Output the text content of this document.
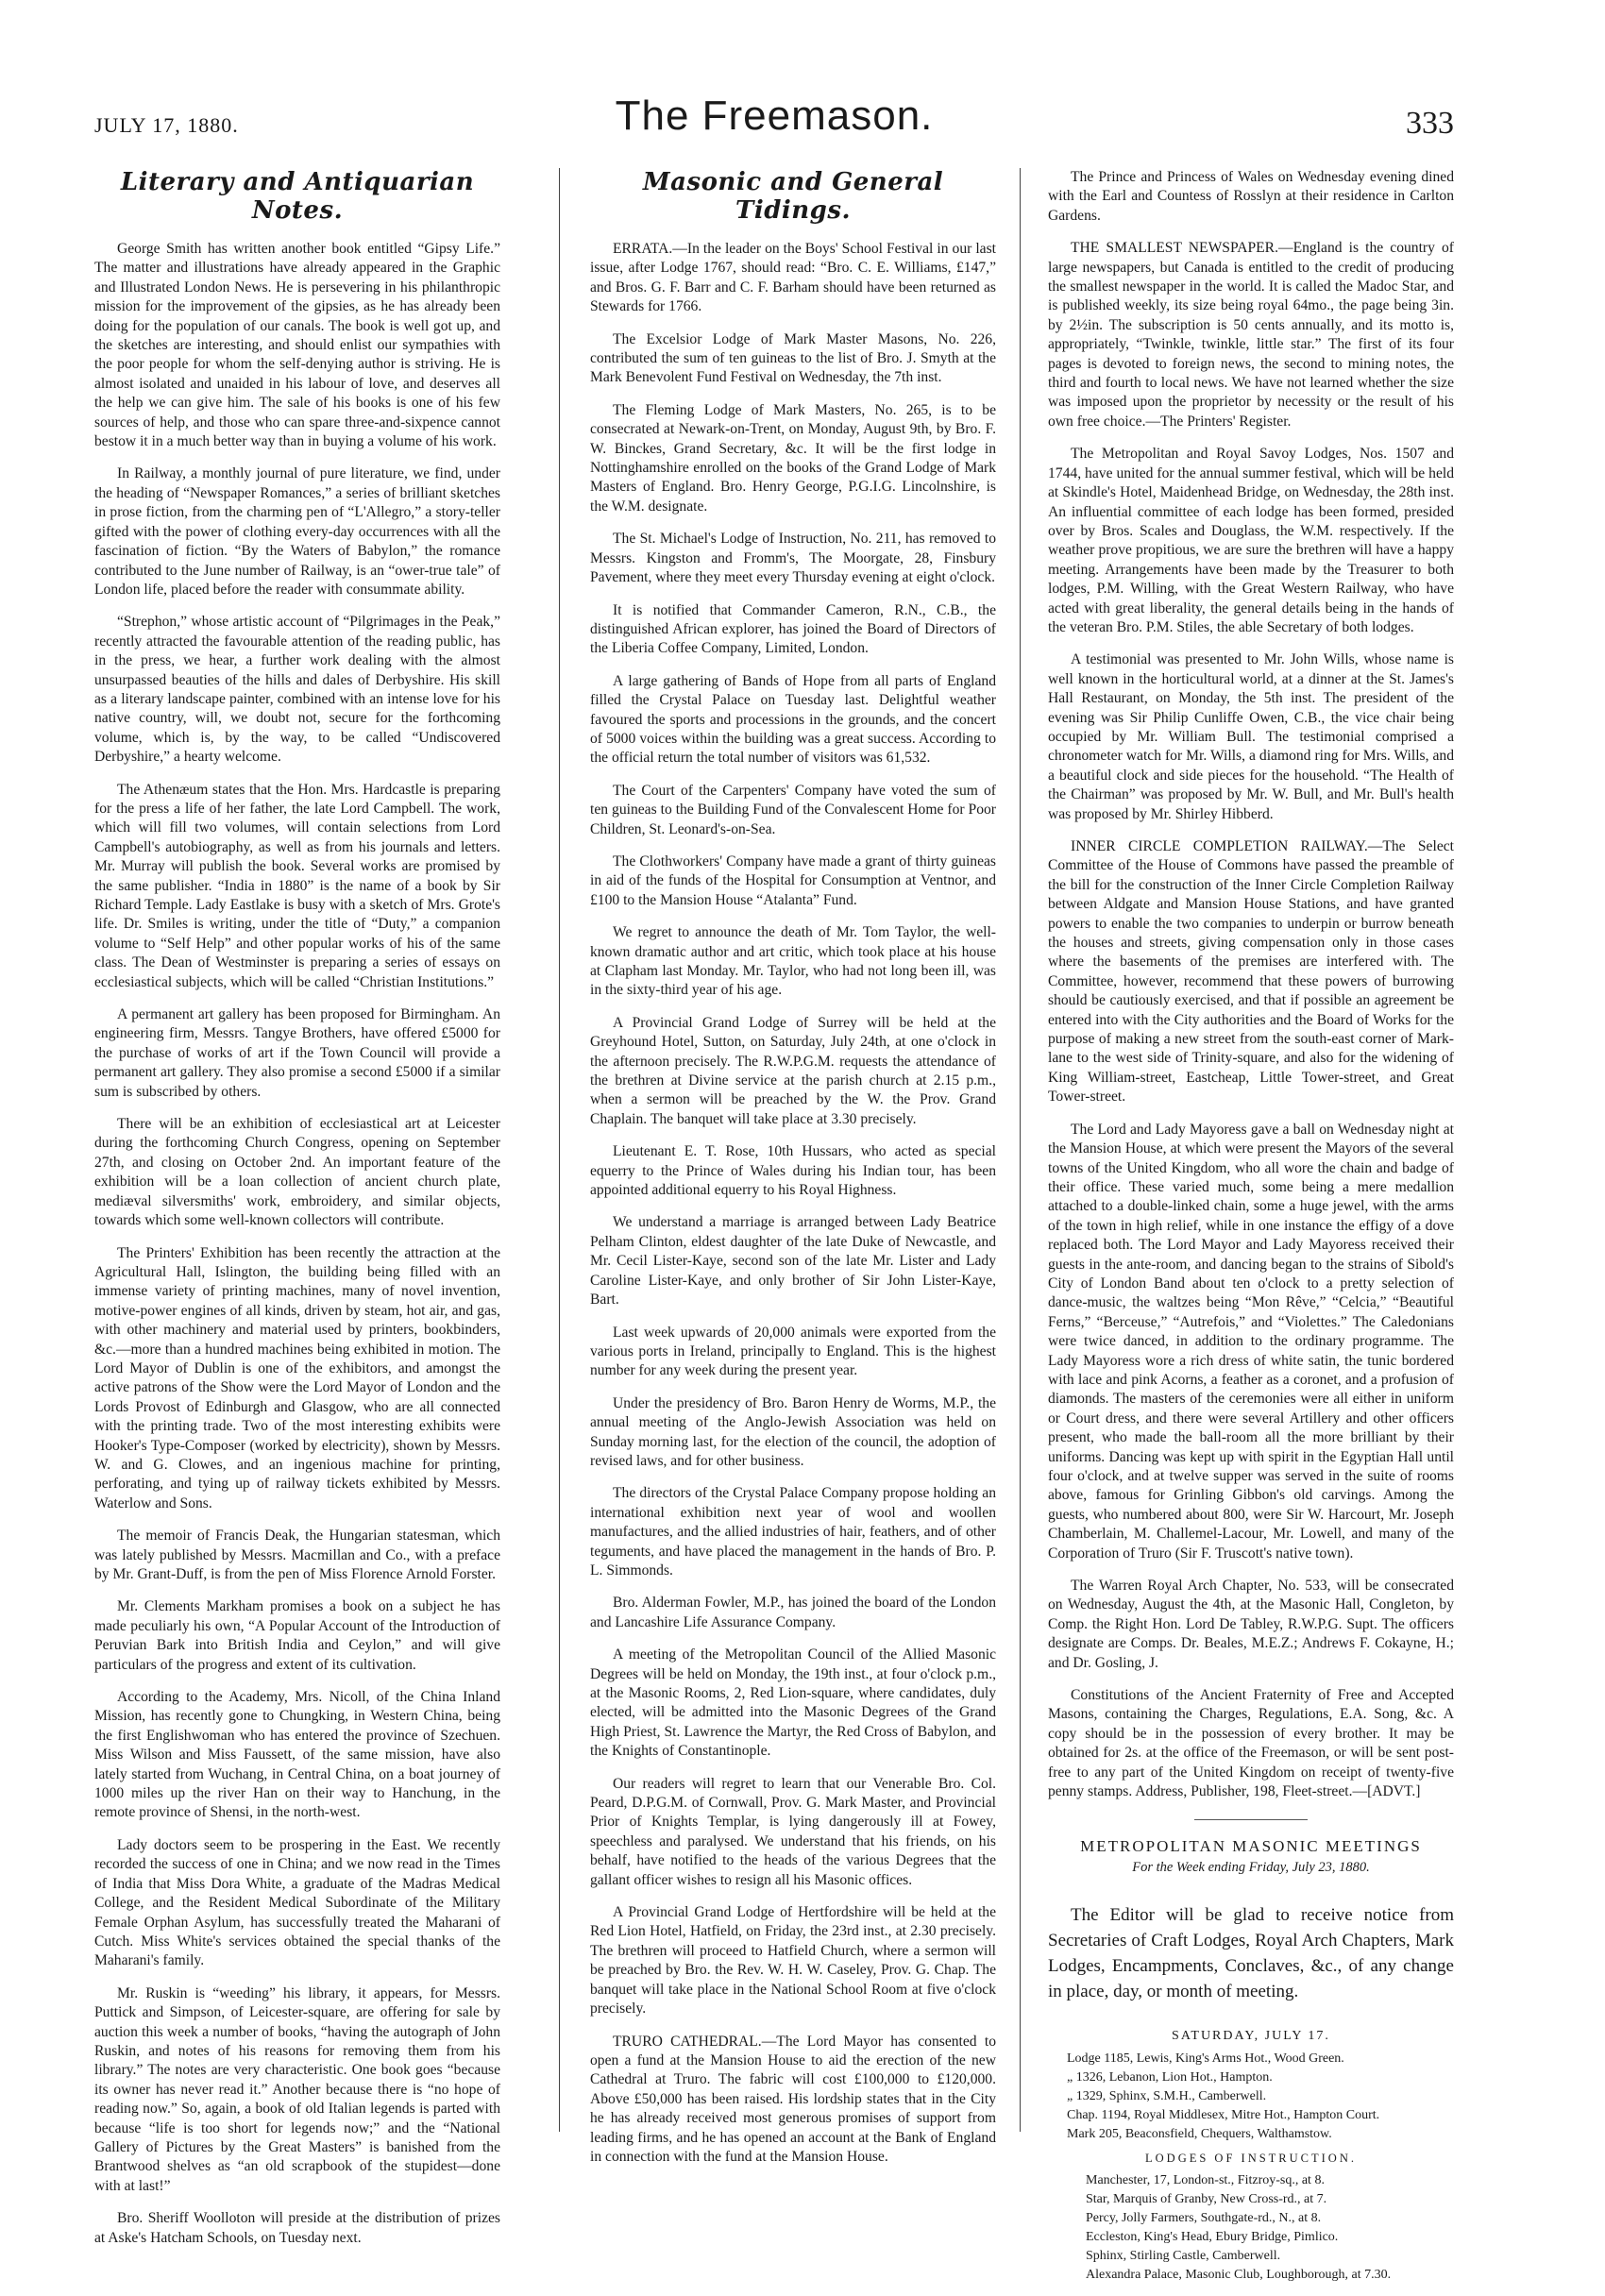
JULY 17, 1880.	The Freemason.	333
Literary and Antiquarian Notes.

George Smith has written another book entitled “Gipsy Life.” The matter and illustrations have already appeared in the Graphic and Illustrated London News. He is persevering in his philanthropic mission for the improvement of the gipsies, as he has already been doing for the population of our canals. The book is well got up, and the sketches are interesting, and should enlist our sympathies with the poor people for whom the self-denying author is striving. He is almost isolated and unaided in his labour of love, and deserves all the help we can give him. The sale of his books is one of his few sources of help, and those who can spare three-and-sixpence cannot bestow it in a much better way than in buying a volume of his work.

In Railway, a monthly journal of pure literature, we find, under the heading of “Newspaper Romances,” a series of brilliant sketches in prose fiction, from the charming pen of “L'Allegro,” a story-teller gifted with the power of clothing every-day occurrences with all the fascination of fiction. “By the Waters of Babylon,” the romance contributed to the June number of Railway, is an “ower-true tale” of London life, placed before the reader with consummate ability.

“Strephon,” whose artistic account of “Pilgrimages in the Peak,” recently attracted the favourable attention of the reading public, has in the press, we hear, a further work dealing with the almost unsurpassed beauties of the hills and dales of Derbyshire. His skill as a literary landscape painter, combined with an intense love for his native country, will, we doubt not, secure for the forthcoming volume, which is, by the way, to be called “Undiscovered Derbyshire,” a hearty welcome.

The Athenæum states that the Hon. Mrs. Hardcastle is preparing for the press a life of her father, the late Lord Campbell. The work, which will fill two volumes, will contain selections from Lord Campbell's autobiography, as well as from his journals and letters. Mr. Murray will publish the book. Several works are promised by the same publisher. “India in 1880” is the name of a book by Sir Richard Temple. Lady Eastlake is busy with a sketch of Mrs. Grote's life. Dr. Smiles is writing, under the title of “Duty,” a companion volume to “Self Help” and other popular works of his of the same class. The Dean of Westminster is preparing a series of essays on ecclesiastical subjects, which will be called “Christian Institutions.”

A permanent art gallery has been proposed for Birmingham. An engineering firm, Messrs. Tangye Brothers, have offered £5000 for the purchase of works of art if the Town Council will provide a permanent art gallery. They also promise a second £5000 if a similar sum is subscribed by others.

There will be an exhibition of ecclesiastical art at Leicester during the forthcoming Church Congress, opening on September 27th, and closing on October 2nd. An important feature of the exhibition will be a loan collection of ancient church plate, mediæval silversmiths' work, embroidery, and similar objects, towards which some well-known collectors will contribute.

The Printers' Exhibition has been recently the attraction at the Agricultural Hall, Islington, the building being filled with an immense variety of printing machines, many of novel invention, motive-power engines of all kinds, driven by steam, hot air, and gas, with other machinery and material used by printers, bookbinders, &c.—more than a hundred machines being exhibited in motion. The Lord Mayor of Dublin is one of the exhibitors, and amongst the active patrons of the Show were the Lord Mayor of London and the Lords Provost of Edinburgh and Glasgow, who are all connected with the printing trade. Two of the most interesting exhibits were Hooker's Type-Composer (worked by electricity), shown by Messrs. W. and G. Clowes, and an ingenious machine for printing, perforating, and tying up of railway tickets exhibited by Messrs. Waterlow and Sons.

The memoir of Francis Deak, the Hungarian statesman, which was lately published by Messrs. Macmillan and Co., with a preface by Mr. Grant-Duff, is from the pen of Miss Florence Arnold Forster.

Mr. Clements Markham promises a book on a subject he has made peculiarly his own, “A Popular Account of the Introduction of Peruvian Bark into British India and Ceylon,” and will give particulars of the progress and extent of its cultivation.

According to the Academy, Mrs. Nicoll, of the China Inland Mission, has recently gone to Chungking, in Western China, being the first Englishwoman who has entered the province of Szechuen. Miss Wilson and Miss Faussett, of the same mission, have also lately started from Wuchang, in Central China, on a boat journey of 1000 miles up the river Han on their way to Hanchung, in the remote province of Shensi, in the north-west.

Lady doctors seem to be prospering in the East. We recently recorded the success of one in China; and we now read in the Times of India that Miss Dora White, a graduate of the Madras Medical College, and the Resident Medical Subordinate of the Military Female Orphan Asylum, has successfully treated the Maharani of Cutch. Miss White's services obtained the special thanks of the Maharani's family.

Mr. Ruskin is “weeding” his library, it appears, for Messrs. Puttick and Simpson, of Leicester-square, are offering for sale by auction this week a number of books, “having the autograph of John Ruskin, and notes of his reasons for removing them from his library.” The notes are very characteristic. One book goes “because its owner has never read it.” Another because there is “no hope of reading now.” So, again, a book of old Italian legends is parted with because “life is too short for legends now;” and the “National Gallery of Pictures by the Great Masters” is banished from the Brantwood shelves as “an old scrapbook of the stupidest—done with at last!”

Bro. Sheriff Woolloton will preside at the distribution of prizes at Aske's Hatcham Schools, on Tuesday next.

Masonic and General Tidings.

ERRATA.—In the leader on the Boys' School Festival in our last issue, after Lodge 1767, should read: “Bro. C. E. Williams, £147,” and Bros. G. F. Barr and C. F. Barham should have been returned as Stewards for 1766.

The Excelsior Lodge of Mark Master Masons, No. 226, contributed the sum of ten guineas to the list of Bro. J. Smyth at the Mark Benevolent Fund Festival on Wednesday, the 7th inst.

The Fleming Lodge of Mark Masters, No. 265, is to be consecrated at Newark-on-Trent, on Monday, August 9th, by Bro. F. W. Binckes, Grand Secretary, &c. It will be the first lodge in Nottinghamshire enrolled on the books of the Grand Lodge of Mark Masters of England. Bro. Henry George, P.G.I.G. Lincolnshire, is the W.M. designate.

The St. Michael's Lodge of Instruction, No. 211, has removed to Messrs. Kingston and Fromm's, The Moorgate, 28, Finsbury Pavement, where they meet every Thursday evening at eight o'clock.

It is notified that Commander Cameron, R.N., C.B., the distinguished African explorer, has joined the Board of Directors of the Liberia Coffee Company, Limited, London.

A large gathering of Bands of Hope from all parts of England filled the Crystal Palace on Tuesday last. Delightful weather favoured the sports and processions in the grounds, and the concert of 5000 voices within the building was a great success. According to the official return the total number of visitors was 61,532.

The Court of the Carpenters' Company have voted the sum of ten guineas to the Building Fund of the Convalescent Home for Poor Children, St. Leonard's-on-Sea.

The Clothworkers' Company have made a grant of thirty guineas in aid of the funds of the Hospital for Consumption at Ventnor, and £100 to the Mansion House “Atalanta” Fund.

We regret to announce the death of Mr. Tom Taylor, the well-known dramatic author and art critic, which took place at his house at Clapham last Monday. Mr. Taylor, who had not long been ill, was in the sixty-third year of his age.

A Provincial Grand Lodge of Surrey will be held at the Greyhound Hotel, Sutton, on Saturday, July 24th, at one o'clock in the afternoon precisely. The R.W.P.G.M. requests the attendance of the brethren at Divine service at the parish church at 2.15 p.m., when a sermon will be preached by the W. the Prov. Grand Chaplain. The banquet will take place at 3.30 precisely.

Lieutenant E. T. Rose, 10th Hussars, who acted as special equerry to the Prince of Wales during his Indian tour, has been appointed additional equerry to his Royal Highness.

We understand a marriage is arranged between Lady Beatrice Pelham Clinton, eldest daughter of the late Duke of Newcastle, and Mr. Cecil Lister-Kaye, second son of the late Mr. Lister and Lady Caroline Lister-Kaye, and only brother of Sir John Lister-Kaye, Bart.

Last week upwards of 20,000 animals were exported from the various ports in Ireland, principally to England. This is the highest number for any week during the present year.

Under the presidency of Bro. Baron Henry de Worms, M.P., the annual meeting of the Anglo-Jewish Association was held on Sunday morning last, for the election of the council, the adoption of revised laws, and for other business.

The directors of the Crystal Palace Company propose holding an international exhibition next year of wool and woollen manufactures, and the allied industries of hair, feathers, and of other teguments, and have placed the management in the hands of Bro. P. L. Simmonds.

Bro. Alderman Fowler, M.P., has joined the board of the London and Lancashire Life Assurance Company.

A meeting of the Metropolitan Council of the Allied Masonic Degrees will be held on Monday, the 19th inst., at four o'clock p.m., at the Masonic Rooms, 2, Red Lion-square, where candidates, duly elected, will be admitted into the Masonic Degrees of the Grand High Priest, St. Lawrence the Martyr, the Red Cross of Babylon, and the Knights of Constantinople.

Our readers will regret to learn that our Venerable Bro. Col. Peard, D.P.G.M. of Cornwall, Prov. G. Mark Master, and Provincial Prior of Knights Templar, is lying dangerously ill at Fowey, speechless and paralysed. We understand that his friends, on his behalf, have notified to the heads of the various Degrees that the gallant officer wishes to resign all his Masonic offices.

A Provincial Grand Lodge of Hertfordshire will be held at the Red Lion Hotel, Hatfield, on Friday, the 23rd inst., at 2.30 precisely. The brethren will proceed to Hatfield Church, where a sermon will be preached by Bro. the Rev. W. H. W. Caseley, Prov. G. Chap. The banquet will take place in the National School Room at five o'clock precisely.

TRURO CATHEDRAL.—The Lord Mayor has consented to open a fund at the Mansion House to aid the erection of the new Cathedral at Truro. The fabric will cost £100,000 to £120,000. Above £50,000 has been raised. His lordship states that in the City he has already received most generous promises of support from leading firms, and he has opened an account at the Bank of England in connection with the fund at the Mansion House.

The Prince and Princess of Wales on Wednesday evening dined with the Earl and Countess of Rosslyn at their residence in Carlton Gardens.

THE SMALLEST NEWSPAPER.—England is the country of large newspapers, but Canada is entitled to the credit of producing the smallest newspaper in the world. It is called the Madoc Star, and is published weekly, its size being royal 64mo., the page being 3in. by 2½in. The subscription is 50 cents annually, and its motto is, appropriately, “Twinkle, twinkle, little star.” The first of its four pages is devoted to foreign news, the second to mining notes, the third and fourth to local news. We have not learned whether the size was imposed upon the proprietor by necessity or the result of his own free choice.—The Printers' Register.

The Metropolitan and Royal Savoy Lodges, Nos. 1507 and 1744, have united for the annual summer festival, which will be held at Skindle's Hotel, Maidenhead Bridge, on Wednesday, the 28th inst. An influential committee of each lodge has been formed, presided over by Bros. Scales and Douglass, the W.M. respectively. If the weather prove propitious, we are sure the brethren will have a happy meeting. Arrangements have been made by the Treasurer to both lodges, P.M. Willing, with the Great Western Railway, who have acted with great liberality, the general details being in the hands of the veteran Bro. P.M. Stiles, the able Secretary of both lodges.

A testimonial was presented to Mr. John Wills, whose name is well known in the horticultural world, at a dinner at the St. James's Hall Restaurant, on Monday, the 5th inst. The president of the evening was Sir Philip Cunliffe Owen, C.B., the vice chair being occupied by Mr. William Bull. The testimonial comprised a chronometer watch for Mr. Wills, a diamond ring for Mrs. Wills, and a beautiful clock and side pieces for the household. “The Health of the Chairman” was proposed by Mr. W. Bull, and Mr. Bull's health was proposed by Mr. Shirley Hibberd.

INNER CIRCLE COMPLETION RAILWAY.—The Select Committee of the House of Commons have passed the preamble of the bill for the construction of the Inner Circle Completion Railway between Aldgate and Mansion House Stations, and have granted powers to enable the two companies to underpin or burrow beneath the houses and streets, giving compensation only in those cases where the basements of the premises are interfered with. The Committee, however, recommend that these powers of burrowing should be cautiously exercised, and that if possible an agreement be entered into with the City authorities and the Board of Works for the purpose of making a new street from the south-east corner of Mark-lane to the west side of Trinity-square, and also for the widening of King William-street, Eastcheap, Little Tower-street, and Great Tower-street.

The Lord and Lady Mayoress gave a ball on Wednesday night at the Mansion House, at which were present the Mayors of the several towns of the United Kingdom, who all wore the chain and badge of their office. These varied much, some being a mere medallion attached to a double-linked chain, some a huge jewel, with the arms of the town in high relief, while in one instance the effigy of a dove replaced both. The Lord Mayor and Lady Mayoress received their guests in the ante-room, and dancing began to the strains of Sibold's City of London Band about ten o'clock to a pretty selection of dance-music, the waltzes being “Mon Rêve,” “Celcia,” “Beautiful Ferns,” “Berceuse,” “Autrefois,” and “Violettes.” The Caledonians were twice danced, in addition to the ordinary programme. The Lady Mayoress wore a rich dress of white satin, the tunic bordered with lace and pink Acorns, a feather as a coronet, and a profusion of diamonds. The masters of the ceremonies were all either in uniform or Court dress, and there were several Artillery and other officers present, who made the ball-room all the more brilliant by their uniforms. Dancing was kept up with spirit in the Egyptian Hall until four o'clock, and at twelve supper was served in the suite of rooms above, famous for Grinling Gibbon's old carvings. Among the guests, who numbered about 800, were Sir W. Harcourt, Mr. Joseph Chamberlain, M. Challemel-Lacour, Mr. Lowell, and many of the Corporation of Truro (Sir F. Truscott's native town).

The Warren Royal Arch Chapter, No. 533, will be consecrated on Wednesday, August the 4th, at the Masonic Hall, Congleton, by Comp. the Right Hon. Lord De Tabley, R.W.P.G. Supt. The officers designate are Comps. Dr. Beales, M.E.Z.; Andrews F. Cokayne, H.; and Dr. Gosling, J.

Constitutions of the Ancient Fraternity of Free and Accepted Masons, containing the Charges, Regulations, E.A. Song, &c. A copy should be in the possession of every brother. It may be obtained for 2s. at the office of the Freemason, or will be sent post-free to any part of the United Kingdom on receipt of twenty-five penny stamps. Address, Publisher, 198, Fleet-street.—[ADVT.]

METROPOLITAN MASONIC MEETINGS
For the Week ending Friday, July 23, 1880.

The Editor will be glad to receive notice from Secretaries of Craft Lodges, Royal Arch Chapters, Mark Lodges, Encampments, Conclaves, &c., of any change in place, day, or month of meeting.

SATURDAY, JULY 17.
Lodge 1185, Lewis, King's Arms Hot., Wood Green.
„ 1326, Lebanon, Lion Hot., Hampton.
„ 1329, Sphinx, S.M.H., Camberwell.
Chap. 1194, Royal Middlesex, Mitre Hot., Hampton Court.
Mark 205, Beaconsfield, Chequers, Walthamstow.
LODGES OF INSTRUCTION.
Manchester, 17, London-st., Fitzroy-sq., at 8.
Star, Marquis of Granby, New Cross-rd., at 7.
Percy, Jolly Farmers, Southgate-rd., N., at 8.
Eccleston, King's Head, Ebury Bridge, Pimlico.
Sphinx, Stirling Castle, Camberwell.
Alexandra Palace, Masonic Club, Loughborough, at 7.30.
